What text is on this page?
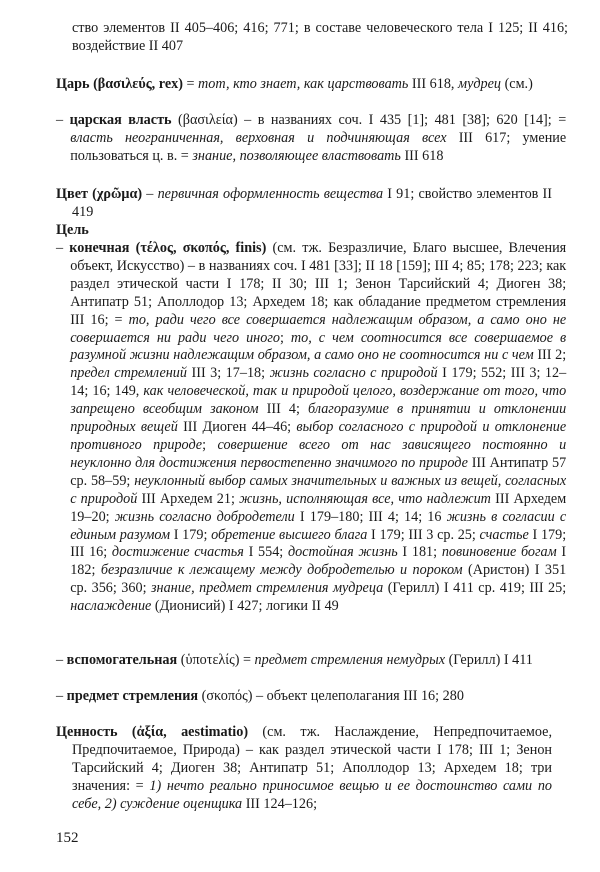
ство элементов II 405–406; 416; 771; в составе человеческого тела I 125; II 416; воздействие II 407

Царь (βασιλεύς, rex) = тот, кто знает, как царствовать III 618, мудрец (см.)

– царская власть (βασιλεία) – в названиях соч. I 435 [1]; 481 [38]; 620 [14]; = власть неограниченная, верховная и подчиняющая всех III 617; умение пользоваться ц. в. = знание, позволяющее властвовать III 618

Цвет (χρῶμα) – первичная оформленность вещества I 91; свойство элементов II 419

Цель

– конечная (τέλος, σκοπός, finis) (см. тж. Безразличие, Благо высшее, Влечения объект, Искусство) – в названиях соч. I 481 [33]; II 18 [159]; III 4; 85; 178; 223; как раздел этической части I 178; II 30; III 1; Зенон Тарсийский 4; Диоген 38; Антипатр 51; Аполлодор 13; Архедем 18; как обладание предметом стремления III 16; = то, ради чего все совершается надлежащим образом, а само оно не совершается ни ради чего иного; то, с чем соотносится все совершаемое в разумной жизни надлежащим образом, а само оно не соотносится ни с чем III 2; предел стремлений III 3; 17–18; жизнь согласно с природой I 179; 552; III 3; 12–14; 16; 149, как человеческой, так и природой целого, воздержание от того, что запрещено всеобщим законом III 4; благоразумие в принятии и отклонении природных вещей III Диоген 44–46; выбор согласного с природой и отклонение противного природе; совершение всего от нас зависящего постоянно и неуклонно для достижения первостепенно значимого по природе III Антипатр 57 ср. 58–59; неуклонный выбор самых значительных и важных из вещей, согласных с природой III Архедем 21; жизнь, исполняющая все, что надлежит III Архедем 19–20; жизнь согласно добродетели I 179–180; III 4; 14; 16 жизнь в согласии с единым разумом I 179; обретение высшего блага I 179; III 3 ср. 25; счастье I 179; III 16; достижение счастья I 554; достойная жизнь I 181; повиновение богам I 182; безразличие к лежащему между добродетелью и пороком (Аристон) I 351 ср. 356; 360; знание, предмет стремления мудреца (Герилл) I 411 ср. 419; III 25; наслаждение (Дионисий) I 427; логики II 49

– вспомогательная (ὑποτελίς) = предмет стремления немудрых (Герилл) I 411

– предмет стремления (σκοπός) – объект целеполагания III 16; 280

Ценность (ἀξία, aestimatio) (см. тж. Наслаждение, Непредпочитаемое, Предпочитаемое, Природа) – как раздел этической части I 178; III 1; Зенон Тарсийский 4; Диоген 38; Антипатр 51; Аполлодор 13; Архедем 18; три значения: = 1) нечто реально приносимое вещью и ее достоинство сами по себе, 2) суждение оценщика III 124–126;

152
